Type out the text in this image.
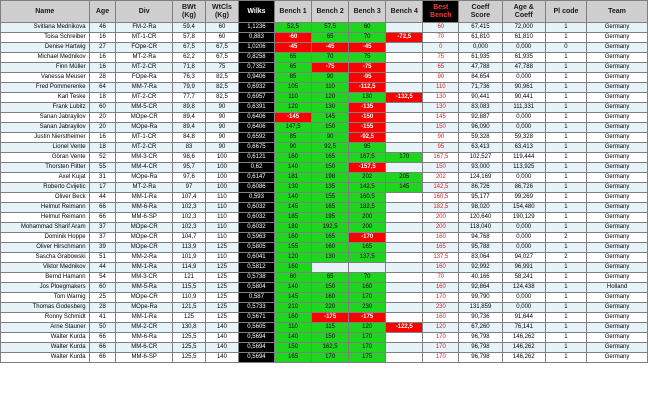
Name	Age	Div	BWt (Kg)	WtCls (Kg)	Wilks	Bench 1	Bench 2	Bench 3	Bench 4	Best Bench	Coeff Score	Age & Coeff	Pl code	Team
Svitlana Mednikova	46	FM-2-Ra	59,4	60	1,1236	52,5	57,5	60		60	67,415	72,000	1	Germany
Toisa Schreiber	16	MT-1-CR	57,8	60	0,883	-60	65	70	-72,5	70	61,810	61,810	1	Germany
Denise Hartwig	27	FOpe-CR	67,5	67,5	1,0206	-45	-45	-45		0	0,000	0,000	0	Germany
Michael Mednikov	16	MT-2-Ra	62,2	67,5	0,8258	65	70	75		75	61,935	61,935	1	Germany
Finn Müller	16	MT-2-CR	71,8	75	0,7352	65	-75	-75		65	47,788	47,788	1	Germany
Vanessa Meuser	28	FOpe-Ra	76,3	82,5	0,9406	85	90	-95		90	84,654	0,000	1	Germany
Fred Pommerenke	64	MM-7-Ra	79,9	82,5	0,6932	105	110	-112,5		110	71,736	90,961	1	Germany
Karl Teske	18	MT-2-CR	77,7	82,5	0,6957	110	120	130	-132,5	130	90,441	90,441	1	Germany
Frank Lubitz	60	MM-5-CR	89,8	90	0,6391	120	130	-135		130	83,083	111,331	1	Germany
Sanan Jabrayilov	20	MOpe-CR	89,4	90	0,6406	-145	145	-150		145	92,887	0,000	1	Germany
Sanan Jabrayilov	20	MOpe-Ra	89,4	90	0,6406	147,5	150	-155		150	96,090	0,000	1	Germany
Justin Nierstheimer	16	MT-1-CR	84,8	90	0,6592	85	90	-92,5		90	59,328	59,328	1	Germany
Lionel Vente	18	MT-2-CR	83	90	0,6675	90	92,5	95		95	63,413	63,413	1	Germany
Göran Vente	52	MM-3-CR	98,6	100	0,6121	160	165	167,5	170	167,5	102,527	119,444	1	Germany
Thorsten Flitter	55	MM-4-CR	95,7	100	0,62	140	150	-157,5		150	93,000	113,925	1	Germany
Axel Kujat	31	MOpe-Ra	97,6	100	0,6147	181	198	202	205	202	124,169	0,000	1	Germany
Roberto Cvijetic	17	MT-2-Ra	97	100	0,6086	130	135	142,5	145	142,5	86,726	86,726	1	Germany
Oliver Beck	44	MM-1-Ra	107,4	110	0,593	140	155	160,5		160,5	95,177	99,269	1	Germany
Helmut Reimann	66	MM-6-Ra	102,3	110	0,6032	145	165	182,5		182,5	98,020	154,480	1	Germany
Helmut Reimann	66	MM-6-SP	102,3	110	0,6032	185	195	200		200	120,640	190,129	1	Germany
Mohammad Sharif Aram	37	MOpe-CR	102,3	110	0,6032	180	192,5	200		200	118,040	0,000	1	Germany
Dominik Hoppe	37	MOpe-CR	104,7	110	0,5963	160	165	-170		160	94,768	0,000	2	Germany
Oliver Hirschmann	39	MOpe-CR	113,9	125	0,5805	155	160	165		165	95,788	0,000	1	Germany
Sascha Grabowski	51	MM-2-Ra	101,9	110	0,6041	120	130	137,5		137,5	83,064	94,027	2	Germany
Viktor Mednikov	44	MM-1-Ra	114,9	125	0,5812	160				160	92,992	96,991	1	Germany
Bernd Hamann	54	MM-3-CR	121	125	0,5738	60	65	70		70	40,166	58,241	1	Germany
Jos Ploegmakers	60	MM-5-Ra	115,5	125	0,5804	140	150	160		160	92,864	124,438	1	Holland
Tom Warnig	25	MOpe-CR	110,9	125	0,587	145	160	170		170	99,790	0,000	1	Germany
Thomas Godesberg	28	MOpe-Ra	121,5	125	0,5733	210	220	230		230	131,859	0,000	1	Germany
Ronny Schmidt	41	MM-1-Ra	125	125	0,5671	160	-175	-175		160	90,736	91,644	1	Germany
Arne Stauner	50	MM-2-CR	130,8	140	0,5605	110	115	120	-122,5	120	67,260	76,141	1	Germany
Walter Kurda	66	MM-6-Ra	125,5	140	0,5694	140	150	170		170	96,798	146,262	1	Germany
Walter Kurda	66	MM-6-CR	125,5	140	0,5694	150	162,5	170		170	96,798	146,262	1	Germany
Walter Kurda	66	MM-6-SP	125,5	140	0,5694	165	170	175		170	96,798	146,262	1	Germany
